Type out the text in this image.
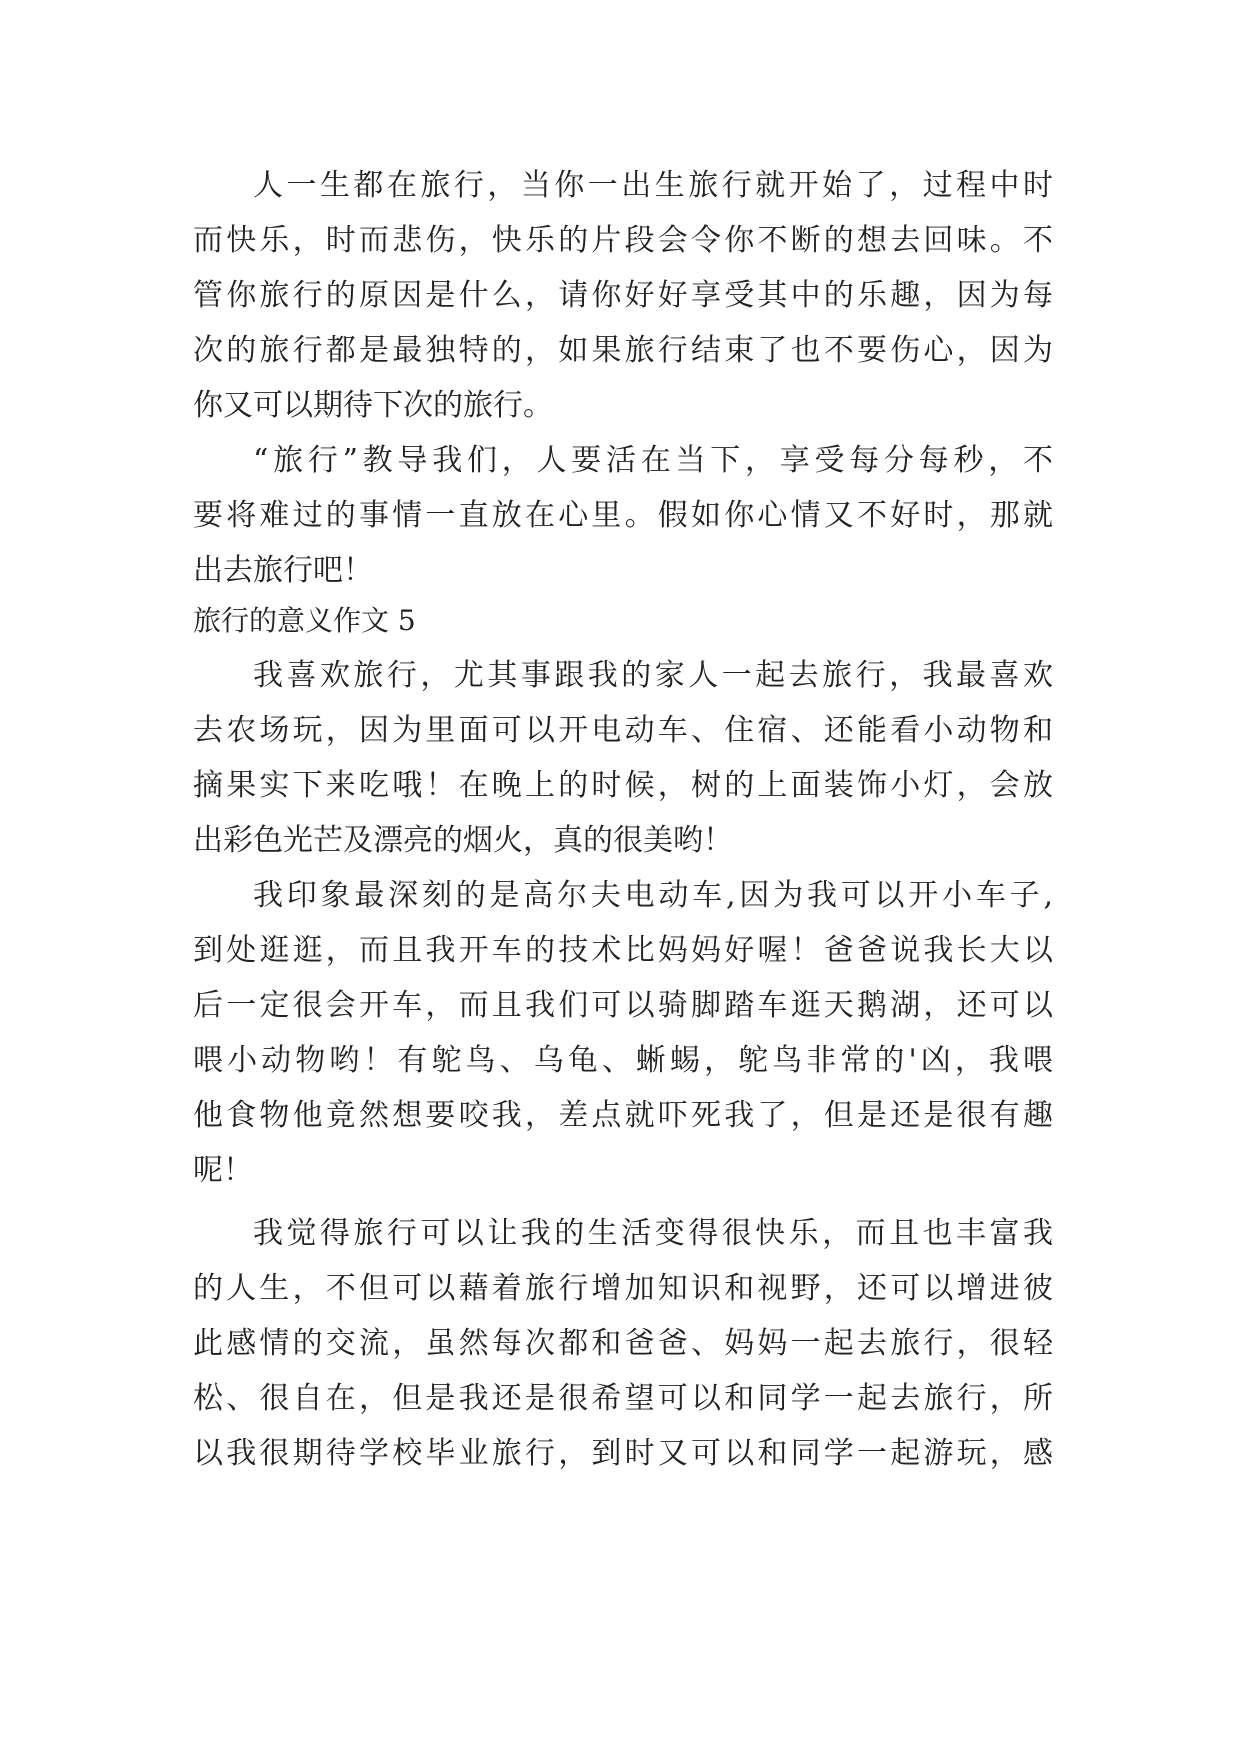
人一生都在旅行，当你一出生旅行就开始了，过程中时
而快乐，时而悲伤，快乐的片段会令你不断的想去回味。不
管你旅行的原因是什么，请你好好享受其中的乐趣，因为每
次的旅行都是最独特的，如果旅行结束了也不要伤心，因为
你又可以期待下次的旅行。
“旅行”教导我们，人要活在当下，享受每分每秒，不
要将难过的事情一直放在心里。假如你心情又不好时，那就
出去旅行吧！
旅行的意义作文 5
我喜欢旅行，尤其事跟我的家人一起去旅行，我最喜欢
去农场玩，因为里面可以开电动车、住宿、还能看小动物和
摘果实下来吃哦！在晚上的时候，树的上面装饰小灯，会放
出彩色光芒及漂亮的烟火，真的很美哟！
我印象最深刻的是高尔夫电动车,因为我可以开小车子,
到处逛逛，而且我开车的技术比妈妈好喔！爸爸说我长大以
后一定很会开车，而且我们可以骑脚踏车逛天鹅湖，还可以
喂小动物哟！有鸵鸟、乌龟、蜥蜴，鸵鸟非常的'凶，我喂
他食物他竟然想要咬我，差点就吓死我了，但是还是很有趣
呢！
我觉得旅行可以让我的生活变得很快乐，而且也丰富我
的人生，不但可以藉着旅行增加知识和视野，还可以增进彼
此感情的交流，虽然每次都和爸爸、妈妈一起去旅行，很轻
松、很自在，但是我还是很希望可以和同学一起去旅行，所
以我很期待学校毕业旅行，到时又可以和同学一起游玩，感
